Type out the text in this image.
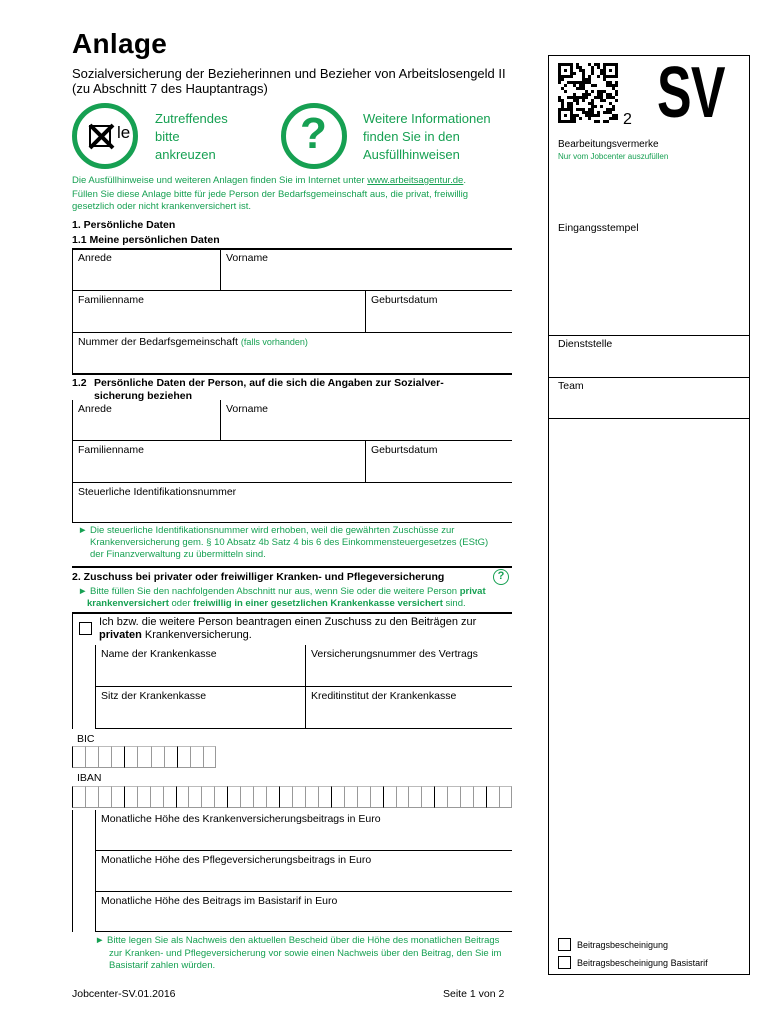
Anlage
Sozialversicherung der Bezieherinnen und Bezieher von Arbeitslosengeld II
(zu Abschnitt 7 des Hauptantrags)
le
Zutreffendes
bitte
ankreuzen ?	Weitere Informationen
finden Sie in den
Ausfüllhinweisen
Die Ausfüllhinweise und weiteren Anlagen finden Sie im Internet unter www.arbeitsagentur.de.
Füllen Sie diese Anlage bitte für jede Person der Bedarfsgemeinschaft aus, die privat, freiwillig
gesetzlich oder nicht krankenversichert ist.
1. Persönliche Daten
1.1 Meine persönlichen Daten
Anrede	Vorname
Familienname	Geburtsdatum
Nummer der Bedarfsgemeinschaft (falls vorhanden)
1.2 Persönliche Daten der Person, auf die sich die Angaben zur Sozialver-
sicherung beziehen
Anrede	Vorname
Familienname	Geburtsdatum
Steuerliche Identifikationsnummer
► Die steuerliche Identifikationsnummer wird erhoben, weil die gewährten Zuschüsse zur
Krankenversicherung gem. § 10 Absatz 4b Satz 4 bis 6 des Einkommensteuergesetzes (EStG)
der Finanzverwaltung zu übermitteln sind.
2. Zuschuss bei privater oder freiwilliger Kranken- und Pflegeversicherung	?
► Bitte füllen Sie den nachfolgenden Abschnitt nur aus, wenn Sie oder die weitere Person privat
krankenversichert oder freiwillig in einer gesetzlichen Krankenkasse versichert sind.
Ich bzw. die weitere Person beantragen einen Zuschuss zu den Beiträgen zur
privaten Krankenversicherung.
Name der Krankenkasse	Versicherungsnummer des Vertrags
Sitz der Krankenkasse	Kreditinstitut der Krankenkasse
BIC
IBAN
Monatliche Höhe des Krankenversicherungsbeitrags in Euro
Monatliche Höhe des Pflegeversicherungsbeitrags in Euro
Monatliche Höhe des Beitrags im Basistarif in Euro
► Bitte legen Sie als Nachweis den aktuellen Bescheid über die Höhe des monatlichen Beitrags
zur Kranken- und Pflegeversicherung vor sowie einen Nachweis über den Beitrag, den Sie im
Basistarif zahlen würden.
2 SV
Bearbeitungsvermerke
Nur vom Jobcenter auszufüllen
Eingangsstempel
Dienststelle
Team
Beitragsbescheinigung
Beitragsbescheinigung Basistarif
Jobcenter-SV.01.2016	Seite 1 von 2
